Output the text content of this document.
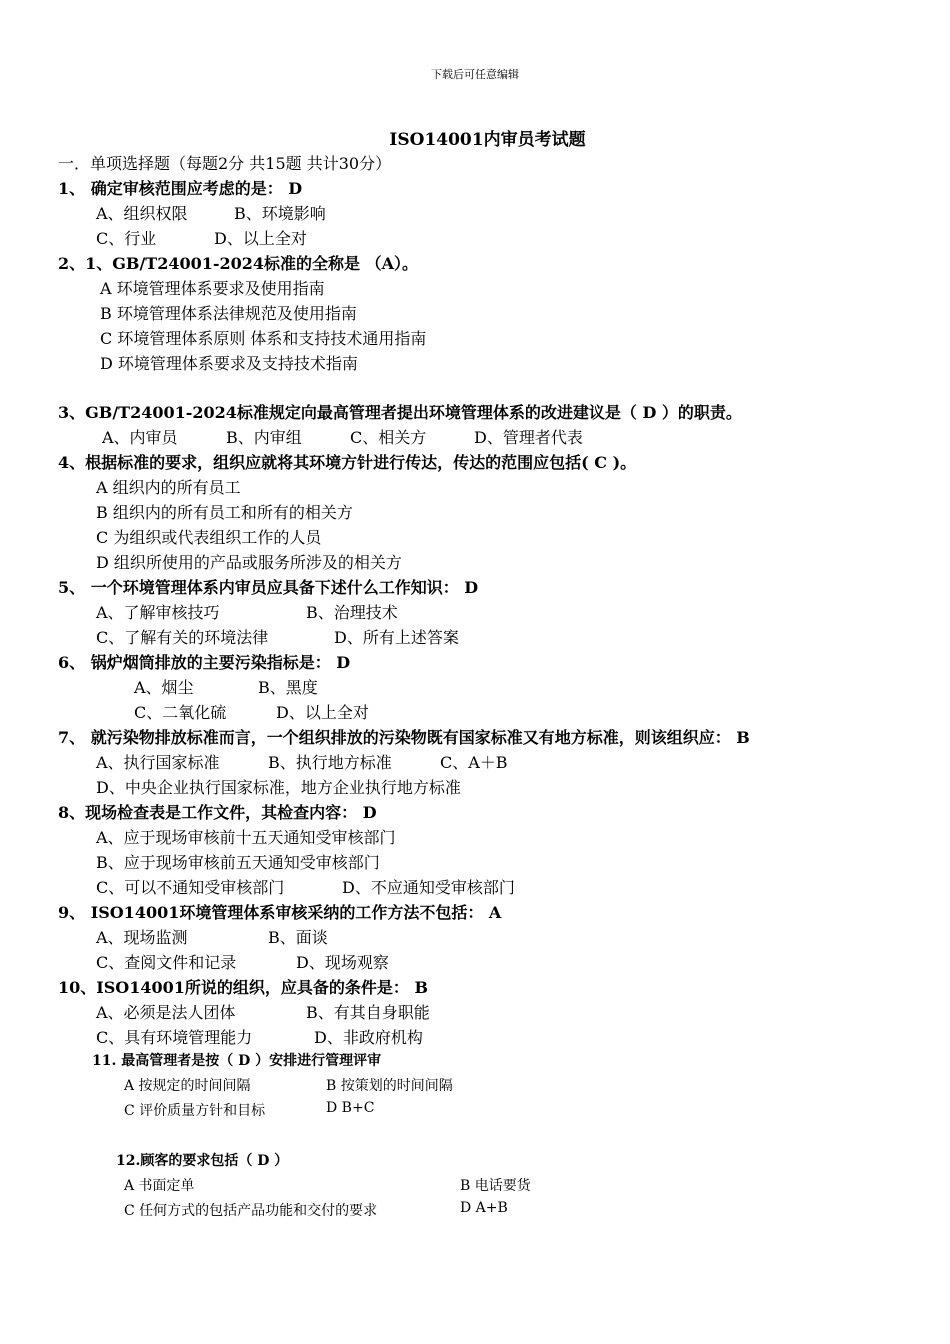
下载后可任意编辑
ISO14001内审员考试题
一．单项选择题（每题2分 共15题 共计30分）
1、 确定审核范围应考虑的是： D
A、组织权限	B、环境影响
C、行业	D、以上全对
2、1、GB/T24001-2024标准的全称是 （A）。
A 环境管理体系要求及使用指南
B 环境管理体系法律规范及使用指南
C 环境管理体系原则 体系和支持技术通用指南
D 环境管理体系要求及支持技术指南
3、GB/T24001-2024标准规定向最高管理者提出环境管理体系的改进建议是（ D ）的职责。
A、内审员	B、内审组	C、相关方	D、管理者代表
4、根据标准的要求，组织应就将其环境方针进行传达，传达的范围应包括( C )。
A 组织内的所有员工
B 组织内的所有员工和所有的相关方
C 为组织或代表组织工作的人员
D 组织所使用的产品或服务所涉及的相关方
5、 一个环境管理体系内审员应具备下述什么工作知识： D
A、了解审核技巧	B、治理技术
C、了解有关的环境法律	D、所有上述答案
6、 锅炉烟筒排放的主要污染指标是： D
A、烟尘	B、黑度
C、二氧化硫	D、以上全对
7、 就污染物排放标准而言，一个组织排放的污染物既有国家标准又有地方标准，则该组织应： B
A、执行国家标准	B、执行地方标准	C、A＋B
D、中央企业执行国家标准，地方企业执行地方标准
8、现场检查表是工作文件，其检查内容： D
A、应于现场审核前十五天通知受审核部门
B、应于现场审核前五天通知受审核部门
C、可以不通知受审核部门	D、不应通知受审核部门
9、 ISO14001环境管理体系审核采纳的工作方法不包括： A
A、现场监测	B、面谈
C、查阅文件和记录	D、现场观察
10、ISO14001所说的组织，应具备的条件是： B
A、必须是法人团体	B、有其自身职能
C、具有环境管理能力	D、非政府机构
11. 最高管理者是按（ D ）安排进行管理评审
A 按规定的时间间隔	B 按策划的时间间隔
C 评价质量方针和目标	D B+C
12.顾客的要求包括（ D ）
A 书面定单	B 电话要货
C 任何方式的包括产品功能和交付的要求	D A+B
